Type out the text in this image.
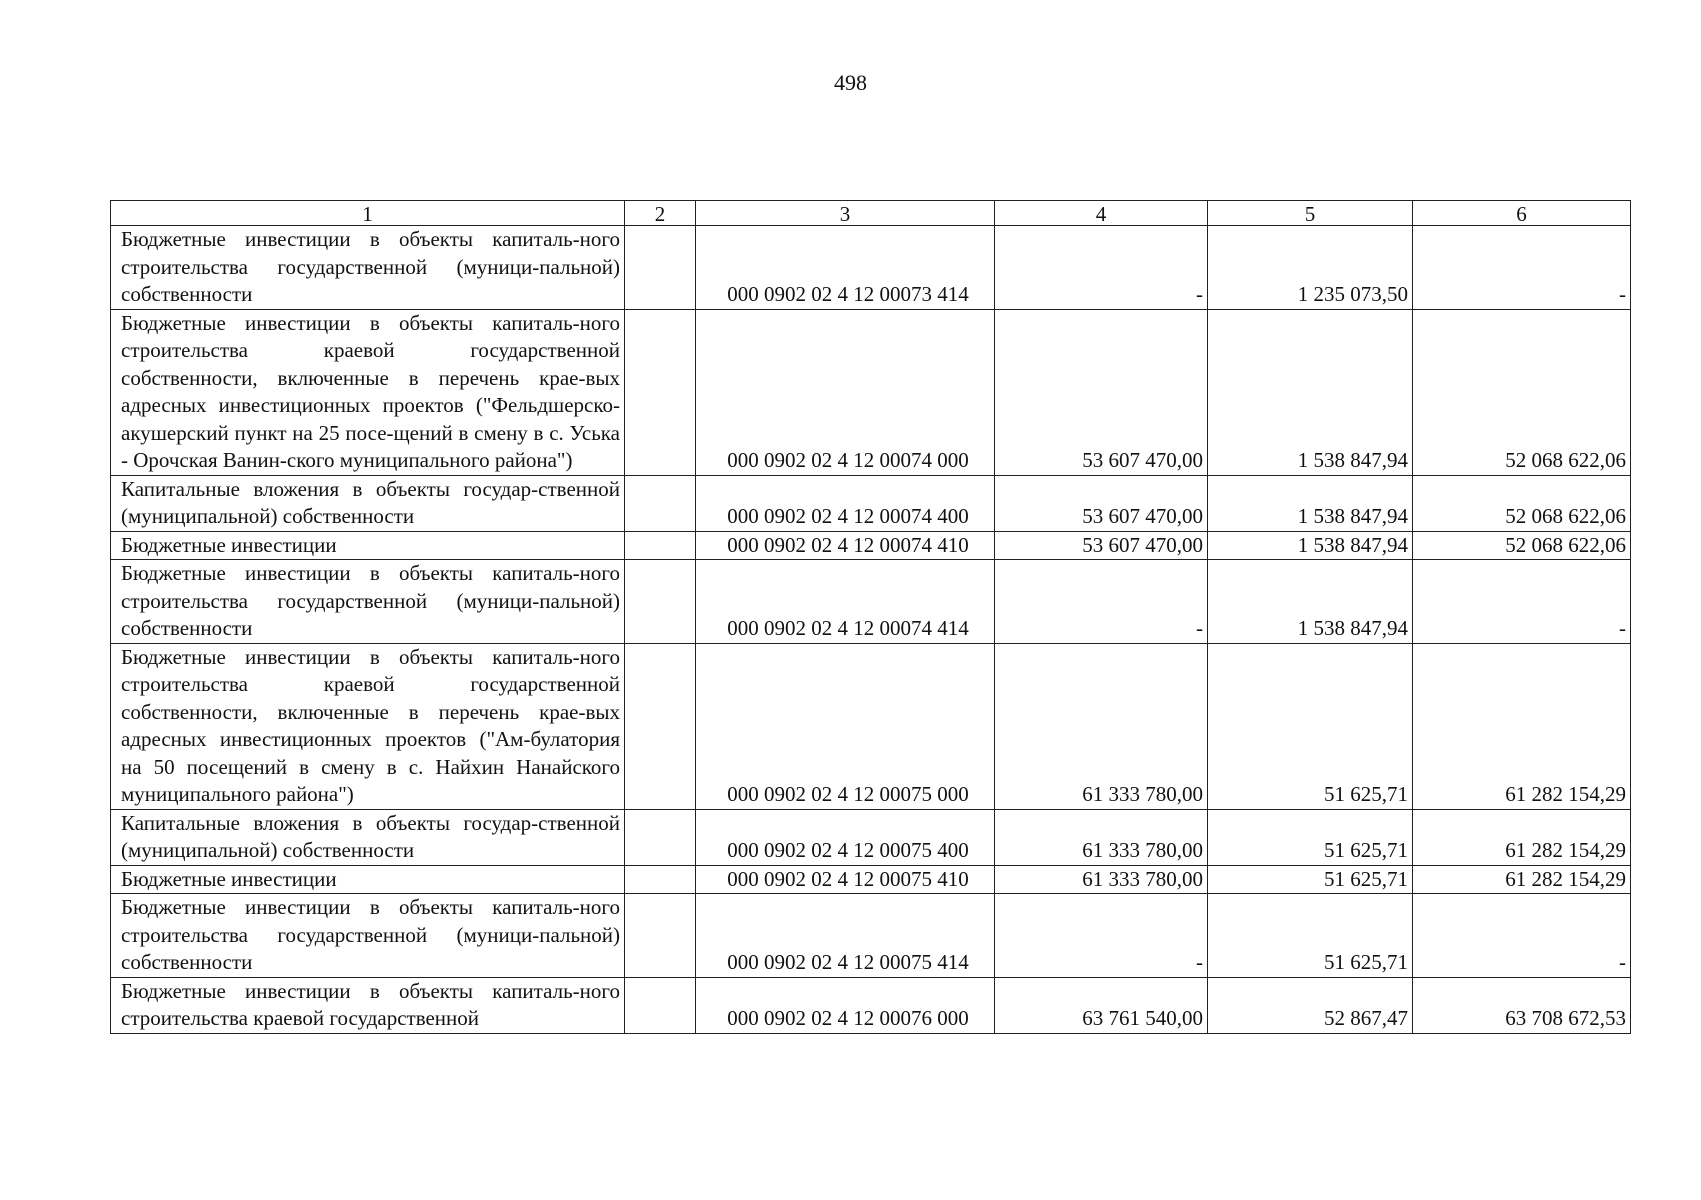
498
1	2	3	4	5	6
Бюджетные инвестиции в объекты капиталь-ного строительства государственной (муници-пальной) собственности		000 0902 02 4 12 00073 414	-	1 235 073,50	-
Бюджетные инвестиции в объекты капиталь-ного строительства краевой государственной собственности, включенные в перечень крае-вых адресных инвестиционных проектов ("Фельдшерско-акушерский пункт на 25 посе-щений в смену в с. Уська - Орочская Ванин-ского муниципального района")		000 0902 02 4 12 00074 000	53 607 470,00	1 538 847,94	52 068 622,06
Капитальные вложения в объекты государ-ственной (муниципальной) собственности		000 0902 02 4 12 00074 400	53 607 470,00	1 538 847,94	52 068 622,06
Бюджетные инвестиции		000 0902 02 4 12 00074 410	53 607 470,00	1 538 847,94	52 068 622,06
Бюджетные инвестиции в объекты капиталь-ного строительства государственной (муници-пальной) собственности		000 0902 02 4 12 00074 414	-	1 538 847,94	-
Бюджетные инвестиции в объекты капиталь-ного строительства краевой государственной собственности, включенные в перечень крае-вых адресных инвестиционных проектов ("Ам-булатория на 50 посещений в смену в с. Найхин Нанайского муниципального района")		000 0902 02 4 12 00075 000	61 333 780,00	51 625,71	61 282 154,29
Капитальные вложения в объекты государ-ственной (муниципальной) собственности		000 0902 02 4 12 00075 400	61 333 780,00	51 625,71	61 282 154,29
Бюджетные инвестиции		000 0902 02 4 12 00075 410	61 333 780,00	51 625,71	61 282 154,29
Бюджетные инвестиции в объекты капиталь-ного строительства государственной (муници-пальной) собственности		000 0902 02 4 12 00075 414	-	51 625,71	-
Бюджетные инвестиции в объекты капиталь-ного строительства краевой государственной		000 0902 02 4 12 00076 000	63 761 540,00	52 867,47	63 708 672,53
